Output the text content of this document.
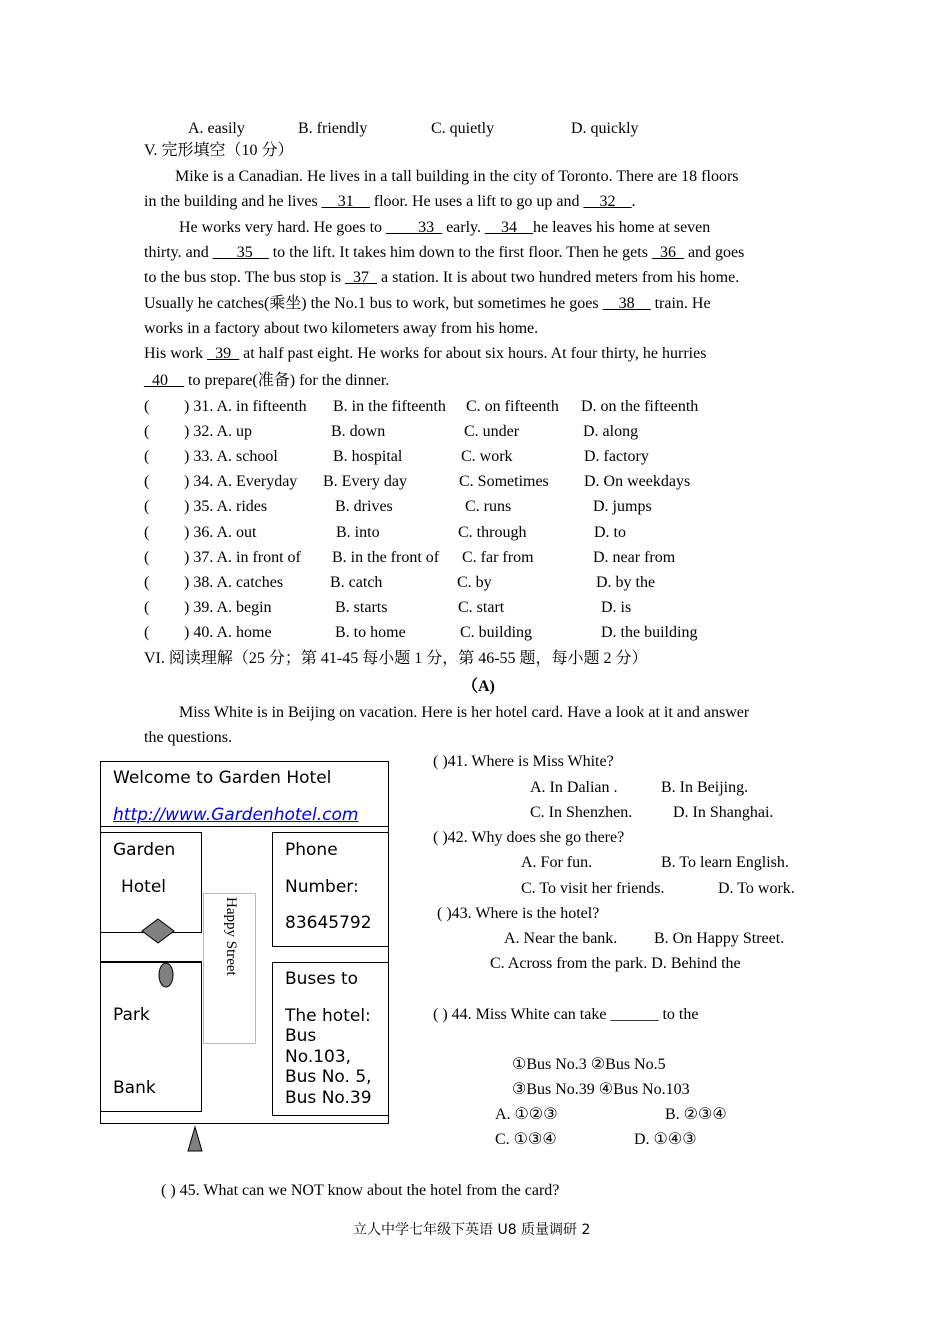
A. easily	B. friendly	C. quietly	D. quickly
V. 完形填空（10 分）
Mike is a Canadian. He lives in a tall building in the city of Toronto. There are 18 floors
in the building and he lives __31__ floor. He uses a lift to go up and __32__.
He works very hard. He goes to ____33_ early. __34__he leaves his home at seven
thirty. and ___35__ to the lift. It takes him down to the first floor. Then he gets _36_ and goes
to the bus stop. The bus stop is _37_ a station. It is about two hundred meters from his home.
Usually he catches(乘坐) the No.1 bus to work, but sometimes he goes __38__ train. He
works in a factory about two kilometers away from his home.
His work _39_ at half past eight. He works for about six hours. At four thirty, he hurries
_40__ to prepare(准备) for the dinner.
( ) 31. A. in fifteenth B. in the fifteenth C. on fifteenth D. on the fifteenth
( ) 32. A. up	B. down	C. under	D. along
( ) 33. A. school	B. hospital	C. work	D. factory
( ) 34. A. Everyday B. Every day	C. Sometimes D. On weekdays
( ) 35. A. rides	B. drives	C. runs	D. jumps
( ) 36. A. out	B. into	C. through	D. to
( ) 37. A. in front of B. in the front of C. far from	D. near from
( ) 38. A. catches	B. catch	C. by	D. by the
( ) 39. A. begin	B. starts	C. start	D. is
( ) 40. A. home	B. to home	C. building	D. the building
VI. 阅读理解（25 分；第 41-45 每小题 1 分，第 46-55 题，每小题 2 分）
（A)
Miss White is in Beijing on vacation. Here is her hotel card. Have a look at it and answer
the questions.
Welcome to Garden Hotel
http://www.Gardenhotel.com
Garden
Hotel
Happy Street
Phone
Number:
83645792
Park
Bank
Buses to
The hotel:
Bus
No.103,
Bus No. 5,
Bus No.39
( )41. Where is Miss White?
A. In Dalian .	B. In Beijing.
C. In Shenzhen.	D. In Shanghai.
( )42. Why does she go there?
A. For fun.	B. To learn English.
C. To visit her friends.	D. To work.
( )43. Where is the hotel?
A. Near the bank. B. On Happy Street.
C. Across from the park. D. Behind the
( ) 44. Miss White can take ______ to the
①Bus No.3 ②Bus No.5
③Bus No.39 ④Bus No.103
A. ①②③	B. ②③④
C. ①③④	D. ①④③
( ) 45. What can we NOT know about the hotel from the card?
立人中学七年级下英语 U8 质量调研 2
